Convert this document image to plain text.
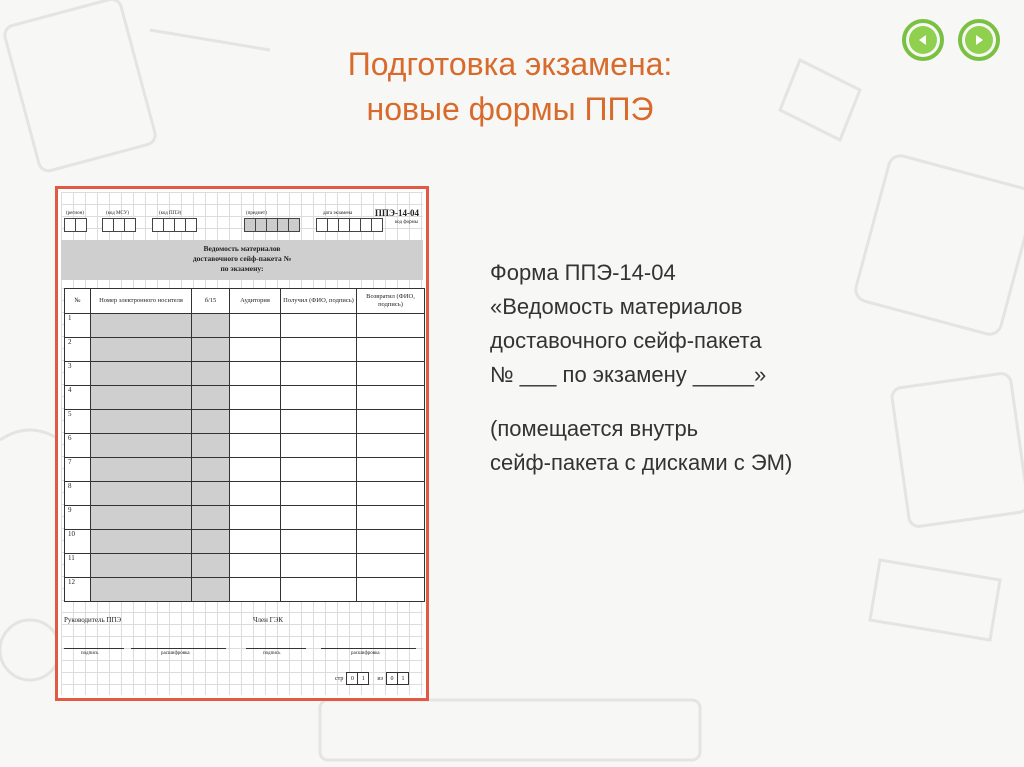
Подготовка экзамена:
новые формы ППЭ
ППЭ-14-04
(регион)	(код МСУ)	(код ППЭ)	(предмет)	дата экзамена
код формы
Ведомость материалов
доставочного сейф-пакета №
по экзамену:
№	Номер электронного носителя	б/15	Аудитория	Получил (ФИО, подпись)	Возвратил (ФИО, подпись)
1					
2					
3					
4					
5					
6					
7					
8					
9					
10					
11					
12					
Руководитель ППЭ	Член ГЭК
подпись	расшифровка	подпись	расшифровка
стр	0	1	из	0	1
Форма ППЭ-14-04
«Ведомость материалов
доставочного сейф-пакета
№ ___ по экзамену _____»
(помещается внутрь
сейф-пакета с дисками с ЭМ)
